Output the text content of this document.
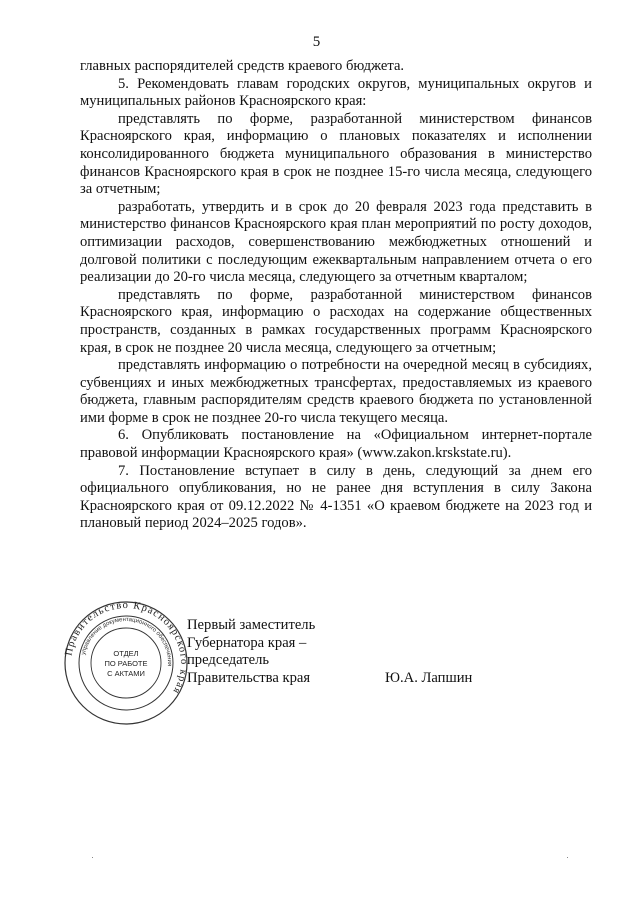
5

главных распорядителей средств краевого бюджета.

5. Рекомендовать главам городских округов, муниципальных округов и муниципальных районов Красноярского края:

представлять по форме, разработанной министерством финансов Красноярского края, информацию о плановых показателях и исполнении консолидированного бюджета муниципального образования в министерство финансов Красноярского края в срок не позднее 15-го числа месяца, следующего за отчетным;

разработать, утвердить и в срок до 20 февраля 2023 года представить в министерство финансов Красноярского края план мероприятий по росту доходов, оптимизации расходов, совершенствованию межбюджетных отношений и долговой политики с последующим ежеквартальным направлением отчета о его реализации до 20-го числа месяца, следующего за отчетным кварталом;

представлять по форме, разработанной министерством финансов Красноярского края, информацию о расходах на содержание общественных пространств, созданных в рамках государственных программ Красноярского края, в срок не позднее 20 числа месяца, следующего за отчетным;

представлять информацию о потребности на очередной месяц в субсидиях, субвенциях и иных межбюджетных трансфертах, предоставляемых из краевого бюджета, главным распорядителям средств краевого бюджета по установленной ими форме в срок не позднее 20-го числа текущего месяца.

6. Опубликовать постановление на «Официальном интернет-портале правовой информации Красноярского края» (www.zakon.krskstate.ru).

7. Постановление вступает в силу в день, следующий за днем его официального опубликования, но не ранее дня вступления в силу Закона Красноярского края от 09.12.2022 № 4-1351 «О краевом бюджете на 2023 год и плановый период 2024–2025 годов».

Правительство Красноярского края
управление документационного обеспечения
ОТДЕЛ
ПО РАБОТЕ
С АКТАМИ
Первый заместитель
Губернатора края –
председатель
Правительства края	Ю.А. Лапшин
